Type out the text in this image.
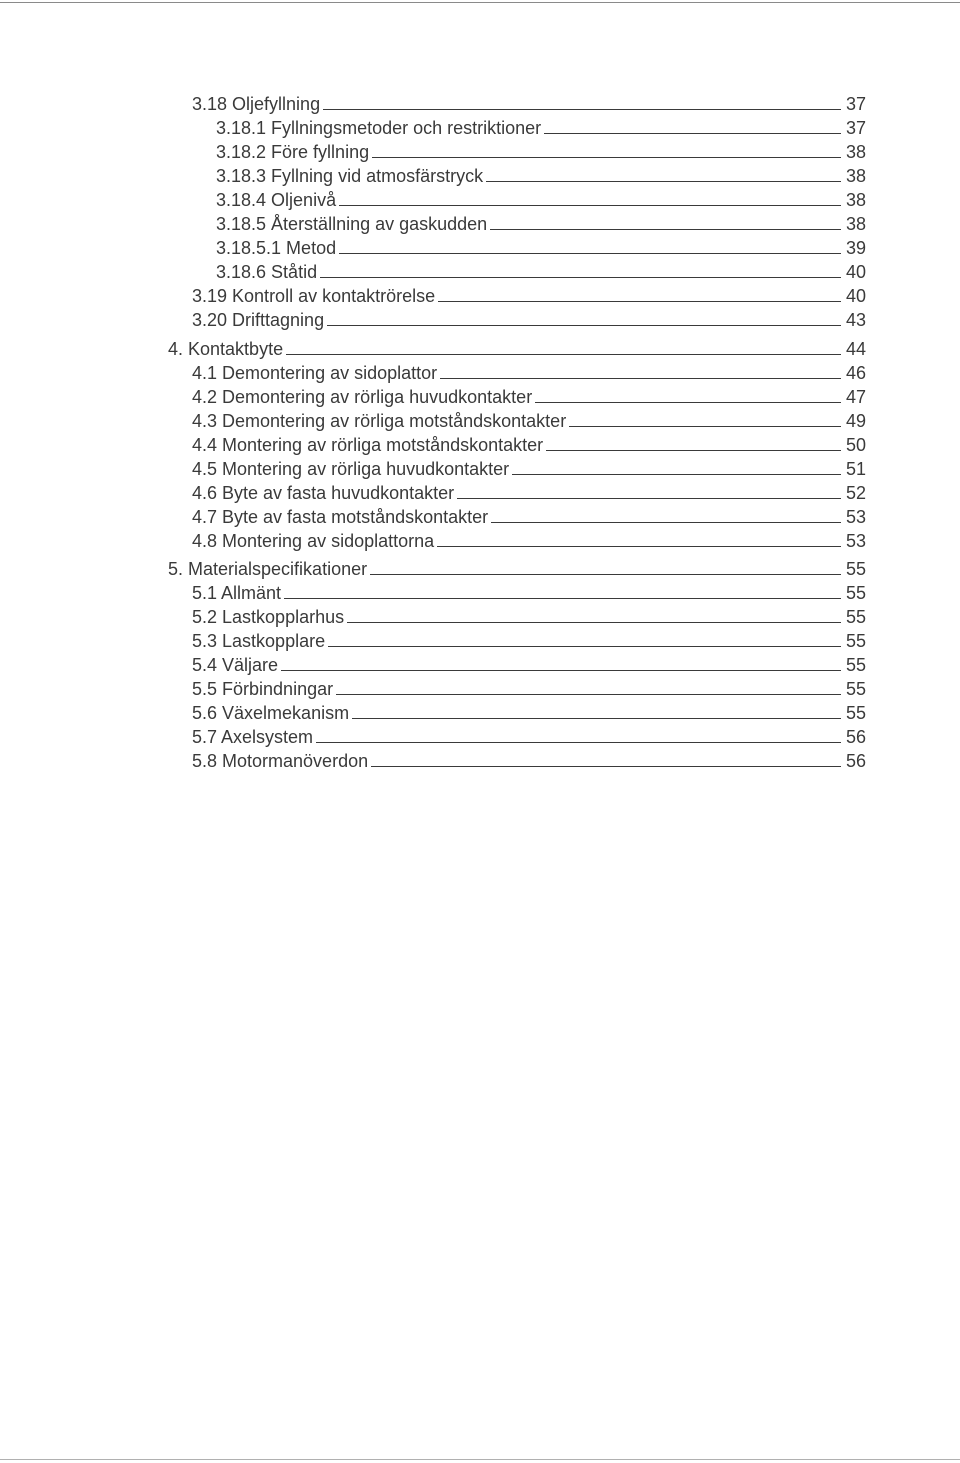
3.18 Oljefyllning	37
3.18.1 Fyllningsmetoder och restriktioner	37
3.18.2 Före fyllning	38
3.18.3 Fyllning vid atmosfärstryck	38
3.18.4 Oljenivå	38
3.18.5 Återställning av gaskudden	38
3.18.5.1 Metod	39
3.18.6 Ståtid	40
3.19 Kontroll av kontaktrörelse	40
3.20 Drifttagning	43
4. Kontaktbyte	44
4.1 Demontering av sidoplattor	46
4.2 Demontering av rörliga huvudkontakter	47
4.3 Demontering av rörliga motståndskontakter	49
4.4 Montering av rörliga motståndskontakter	50
4.5 Montering av rörliga huvudkontakter	51
4.6 Byte av fasta huvudkontakter	52
4.7 Byte av fasta motståndskontakter	53
4.8 Montering av sidoplattorna	53
5. Materialspecifikationer	55
5.1 Allmänt	55
5.2 Lastkopplarhus	55
5.3 Lastkopplare	55
5.4 Väljare	55
5.5 Förbindningar	55
5.6 Växelmekanism	55
5.7 Axelsystem	56
5.8 Motormanöverdon	56
